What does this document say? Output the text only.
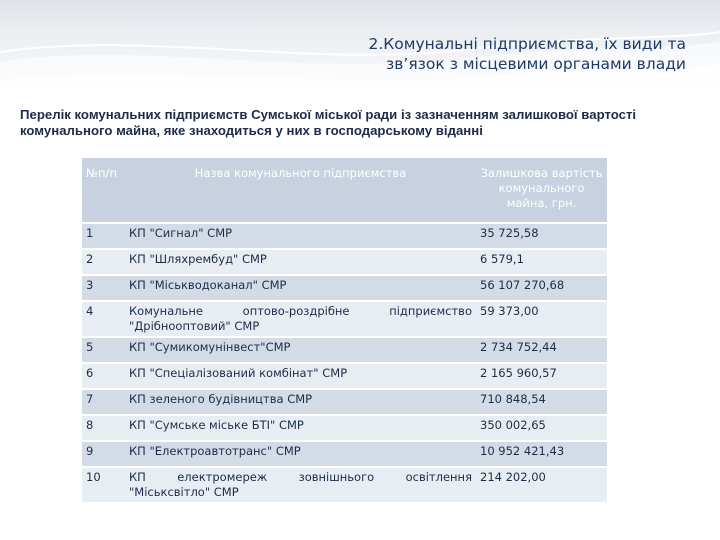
2.Комунальні підприємства, їх види та зв’язок з місцевими органами влади
Перелік комунальних підприємств Сумської міської ради із зазначенням залишкової вартості комунального майна, яке знаходиться у них в господарському віданні
№п/п	Назва комунального підприємства	Залишкова вартість комунального майна, грн.
1	КП "Сигнал" СМР	35 725,58
2	КП "Шляхрембуд" СМР	6 579,1
3	КП "Міськводоканал" СМР	56 107 270,68
4	Комунальне оптово-роздрібне підприємство "Дрібнооптовий" СМР	59 373,00
5	КП "Сумикомунінвест"СМР	2 734 752,44
6	КП "Спеціалізований комбінат" СМР	2 165 960,57
7	КП зеленого будівництва СМР	710 848,54
8	КП "Сумське міське БТІ" СМР	350 002,65
9	КП "Електроавтотранс" СМР	10 952 421,43
10	КП електромереж зовнішнього освітлення "Міськсвітло" СМР	214 202,00
